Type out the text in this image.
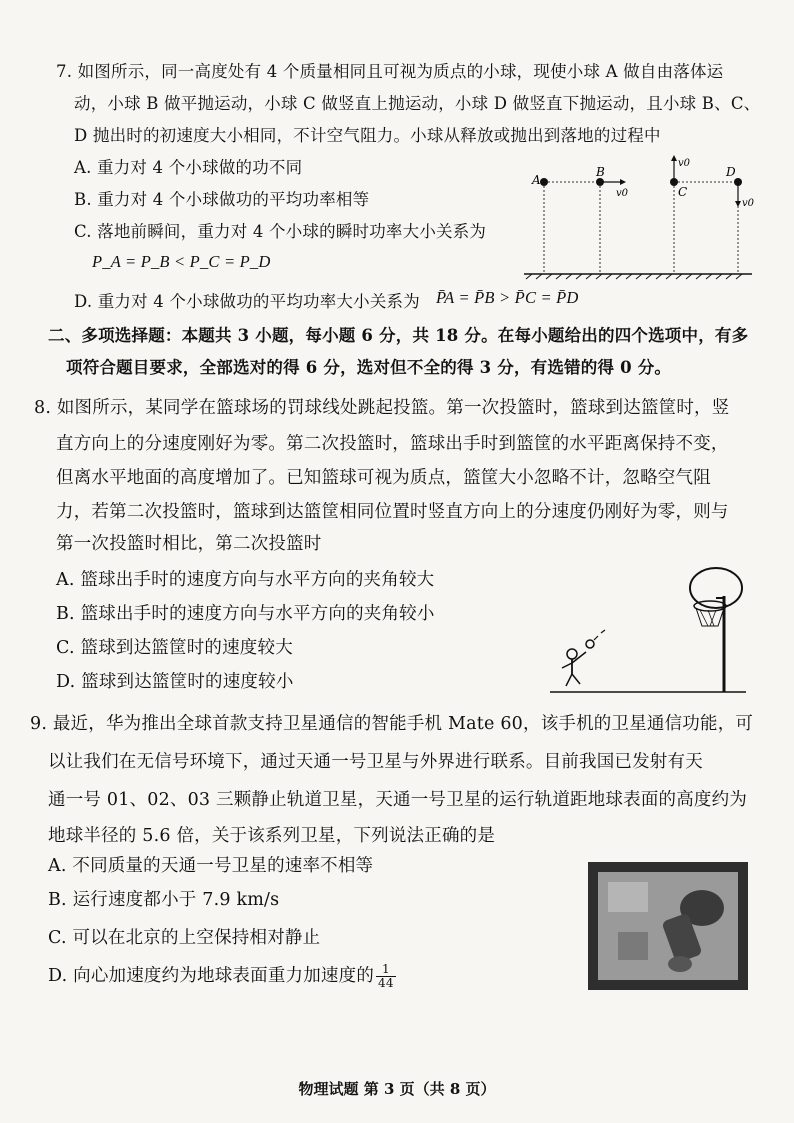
7. 如图所示，同一高度处有 4 个质量相同且可视为质点的小球，现使小球 A 做自由落体运
动，小球 B 做平抛运动，小球 C 做竖直上抛运动，小球 D 做竖直下抛运动，且小球 B、C、
D 抛出时的初速度大小相同，不计空气阻力。小球从释放或抛出到落地的过程中
A. 重力对 4 个小球做的功不同
B. 重力对 4 个小球做功的平均功率相等
C. 落地前瞬间，重力对 4 个小球的瞬时功率大小关系为
P_A = P_B < P_C = P_D
D. 重力对 4 个小球做功的平均功率大小关系为 P̄A = P̄B > P̄C = P̄D
A
B
C
D
v0
v0
v0
二、多项选择题：本题共 3 小题，每小题 6 分，共 18 分。在每小题给出的四个选项中，有多
项符合题目要求，全部选对的得 6 分，选对但不全的得 3 分，有选错的得 0 分。
8. 如图所示，某同学在篮球场的罚球线处跳起投篮。第一次投篮时，篮球到达篮筐时，竖
直方向上的分速度刚好为零。第二次投篮时，篮球出手时到篮筐的水平距离保持不变，
但离水平地面的高度增加了。已知篮球可视为质点，篮筐大小忽略不计，忽略空气阻
力，若第二次投篮时，篮球到达篮筐相同位置时竖直方向上的分速度仍刚好为零，则与
第一次投篮时相比，第二次投篮时
A. 篮球出手时的速度方向与水平方向的夹角较大
B. 篮球出手时的速度方向与水平方向的夹角较小
C. 篮球到达篮筐时的速度较大
D. 篮球到达篮筐时的速度较小
9. 最近，华为推出全球首款支持卫星通信的智能手机 Mate 60，该手机的卫星通信功能，可
以让我们在无信号环境下，通过天通一号卫星与外界进行联系。目前我国已发射有天
通一号 01、02、03 三颗静止轨道卫星，天通一号卫星的运行轨道距地球表面的高度约为
地球半径的 5.6 倍，关于该系列卫星，下列说法正确的是
A. 不同质量的天通一号卫星的速率不相等
B. 运行速度都小于 7.9 km/s
C. 可以在北京的上空保持相对静止
D. 向心加速度约为地球表面重力加速度的 $\frac{1}{44}$
物理试题 第 3 页（共 8 页）
